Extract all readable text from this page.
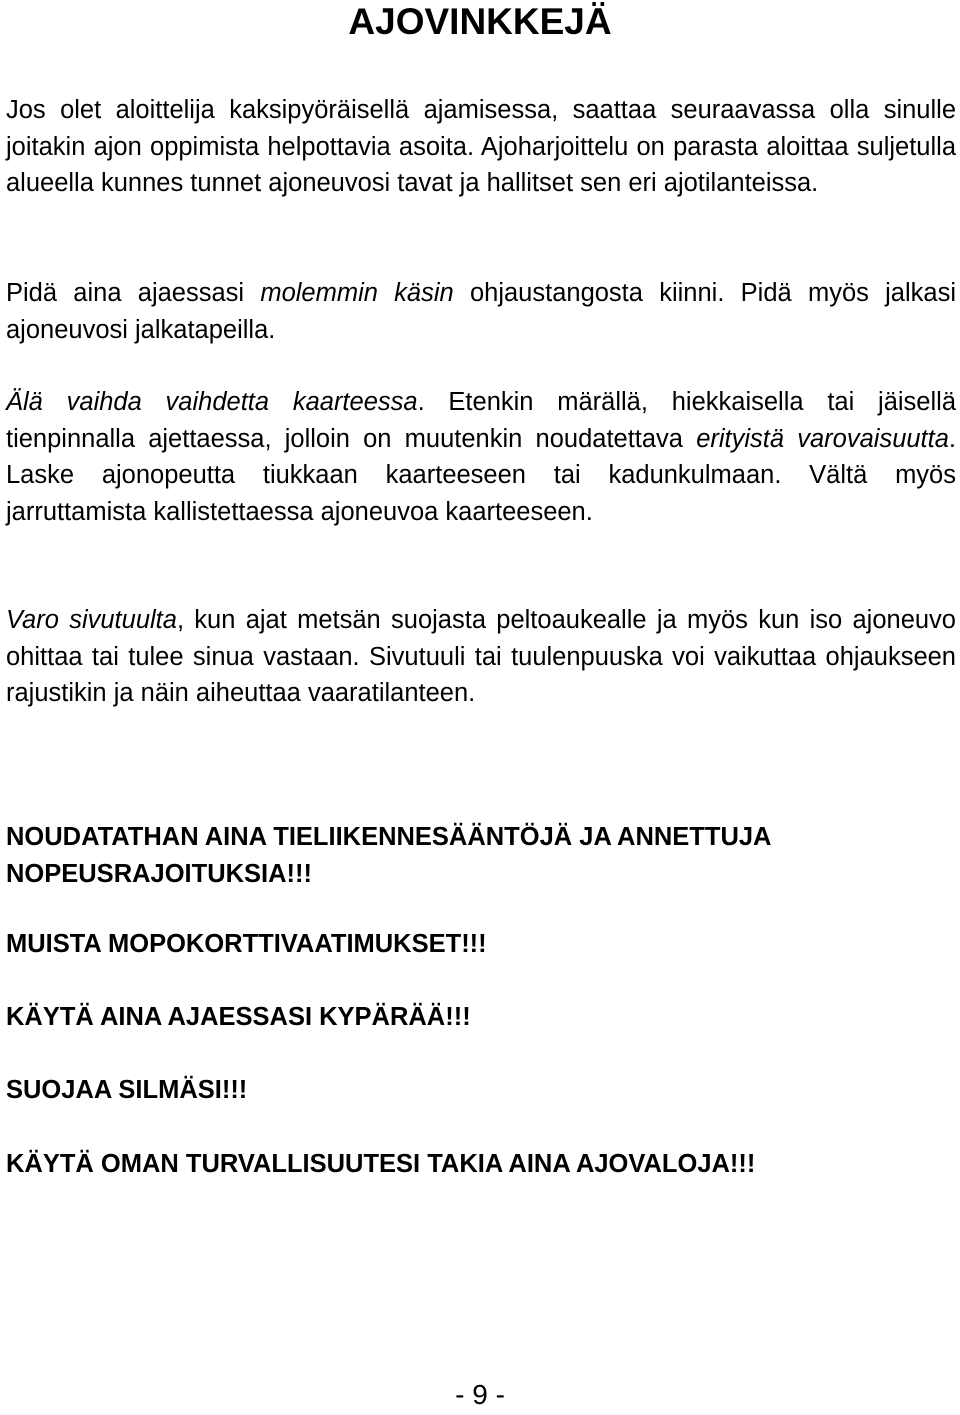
AJOVINKKEJÄ

Jos olet aloittelija kaksipyöräisellä ajamisessa, saattaa seuraavassa olla sinulle joitakin ajon oppimista helpottavia asoita. Ajoharjoittelu on parasta aloittaa suljetulla alueella kunnes tunnet ajoneuvosi tavat ja hallitset sen eri ajotilanteissa.

Pidä aina ajaessasi molemmin käsin ohjaustangosta kiinni. Pidä myös jalkasi ajoneuvosi jalkatapeilla.

Älä vaihda vaihdetta kaarteessa. Etenkin märällä, hiekkaisella tai jäisellä tienpinnalla ajettaessa, jolloin on muutenkin noudatettava erityistä varovaisuutta. Laske ajonopeutta tiukkaan kaarteeseen tai kadunkulmaan. Vältä myös jarruttamista kallistettaessa ajoneuvoa kaarteeseen.

Varo sivutuulta, kun ajat metsän suojasta peltoaukealle ja myös kun iso ajoneuvo ohittaa tai tulee sinua vastaan. Sivutuuli tai tuulenpuuska voi vaikuttaa ohjaukseen rajustikin ja näin aiheuttaa vaaratilanteen.

NOUDATATHAN AINA TIELIIKENNESÄÄNTÖJÄ JA ANNETTUJA NOPEUSRAJOITUKSIA!!!

MUISTA MOPOKORTTIVAATIMUKSET!!!

KÄYTÄ AINA AJAESSASI KYPÄRÄÄ!!!

SUOJAA SILMÄSI!!!

KÄYTÄ OMAN TURVALLISUUTESI TAKIA AINA AJOVALOJA!!!

- 9 -
